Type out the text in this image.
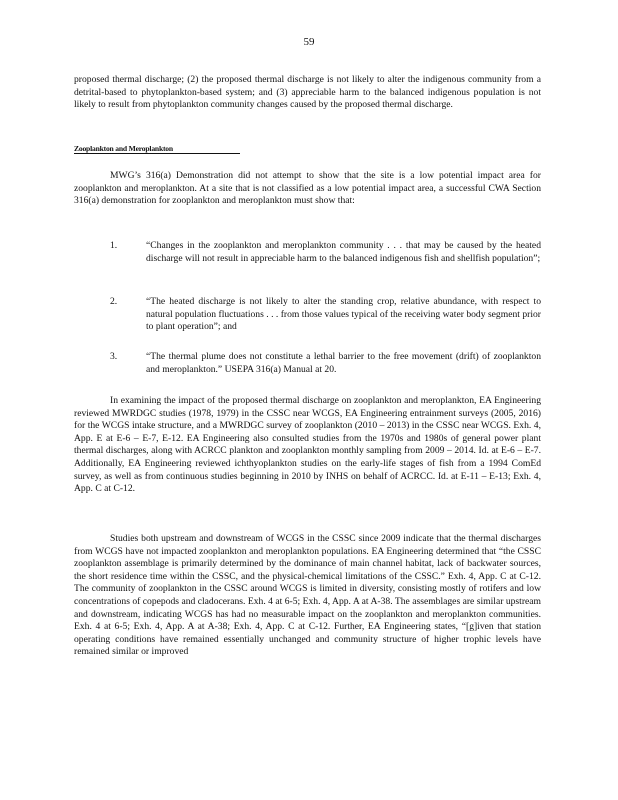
59

proposed thermal discharge; (2) the proposed thermal discharge is not likely to alter the indigenous community from a detrital-based to phytoplankton-based system; and (3) appreciable harm to the balanced indigenous population is not likely to result from phytoplankton community changes caused by the proposed thermal discharge.

Zooplankton and Meroplankton

MWG’s 316(a) Demonstration did not attempt to show that the site is a low potential impact area for zooplankton and meroplankton. At a site that is not classified as a low potential impact area, a successful CWA Section 316(a) demonstration for zooplankton and meroplankton must show that:

1.	“Changes in the zooplankton and meroplankton community . . . that may be caused by the heated discharge will not result in appreciable harm to the balanced indigenous fish and shellfish population”;
2.	“The heated discharge is not likely to alter the standing crop, relative abundance, with respect to natural population fluctuations . . . from those values typical of the receiving water body segment prior to plant operation”; and
3.	“The thermal plume does not constitute a lethal barrier to the free movement (drift) of zooplankton and meroplankton.” USEPA 316(a) Manual at 20.

In examining the impact of the proposed thermal discharge on zooplankton and meroplankton, EA Engineering reviewed MWRDGC studies (1978, 1979) in the CSSC near WCGS, EA Engineering entrainment surveys (2005, 2016) for the WCGS intake structure, and a MWRDGC survey of zooplankton (2010 – 2013) in the CSSC near WCGS. Exh. 4, App. E at E-6 – E-7, E-12. EA Engineering also consulted studies from the 1970s and 1980s of general power plant thermal discharges, along with ACRCC plankton and zooplankton monthly sampling from 2009 – 2014. Id. at E-6 – E-7. Additionally, EA Engineering reviewed ichthyoplankton studies on the early-life stages of fish from a 1994 ComEd survey, as well as from continuous studies beginning in 2010 by INHS on behalf of ACRCC. Id. at E-11 – E-13; Exh. 4, App. C at C-12.

Studies both upstream and downstream of WCGS in the CSSC since 2009 indicate that the thermal discharges from WCGS have not impacted zooplankton and meroplankton populations. EA Engineering determined that “the CSSC zooplankton assemblage is primarily determined by the dominance of main channel habitat, lack of backwater sources, the short residence time within the CSSC, and the physical-chemical limitations of the CSSC.” Exh. 4, App. C at C-12. The community of zooplankton in the CSSC around WCGS is limited in diversity, consisting mostly of rotifers and low concentrations of copepods and cladocerans. Exh. 4 at 6-5; Exh. 4, App. A at A-38. The assemblages are similar upstream and downstream, indicating WCGS has had no measurable impact on the zooplankton and meroplankton communities. Exh. 4 at 6-5; Exh. 4, App. A at A-38; Exh. 4, App. C at C-12. Further, EA Engineering states, “[g]iven that station operating conditions have remained essentially unchanged and community structure of higher trophic levels have remained similar or improved
